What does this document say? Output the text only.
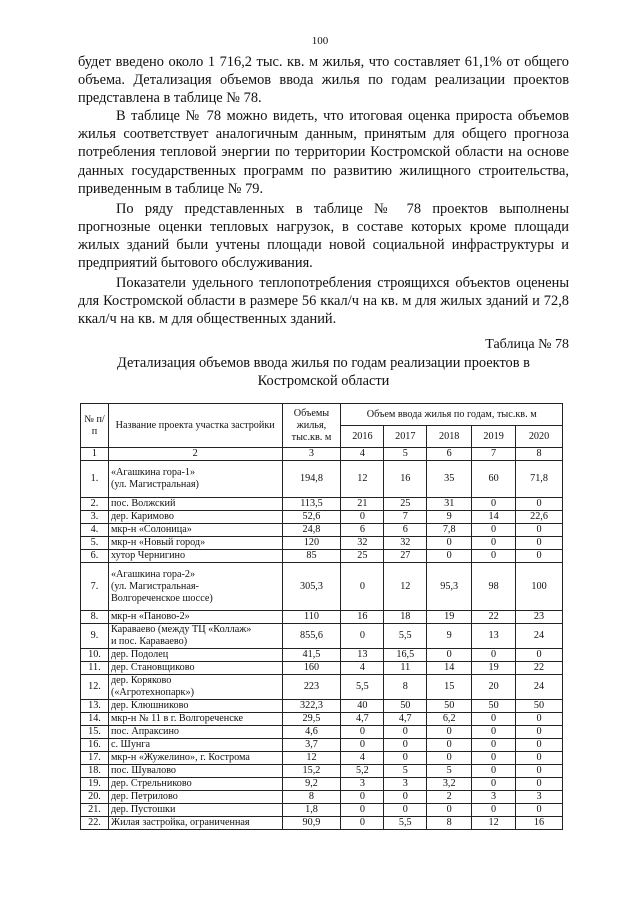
100

будет введено около 1 716,2 тыс. кв. м жилья, что составляет 61,1% от общего объема. Детализация объемов ввода жилья по годам реализации проектов представлена в таблице № 78.

В таблице № 78 можно видеть, что итоговая оценка прироста объемов жилья соответствует аналогичным данным, принятым для общего прогноза потребления тепловой энергии по территории Костромской области на основе данных государственных программ по развитию жилищного строительства, приведенным в таблице № 79.

По ряду представленных в таблице № 78 проектов выполнены прогнозные оценки тепловых нагрузок, в составе которых кроме площади жилых зданий были учтены площади новой социальной инфраструктуры и предприятий бытового обслуживания.

Показатели удельного теплопотребления строящихся объектов оценены для Костромской области в размере 56 ккал/ч на кв. м для жилых зданий и 72,8 ккал/ч на кв. м для общественных зданий.

Таблица № 78
Детализация объемов ввода жилья по годам реализации проектов в
Костромской области
№ п/п	Название проекта участка застройки	Объемы жилья, тыс.кв. м	Объем ввода жилья по годам, тыс.кв. м				
			2016	2017	2018	2019	2020
1	2	3	4	5	6	7	8
1.	«Агашкина гора-1»
(ул. Магистральная)	194,8	12	16	35	60	71,8
2.	пос. Волжский	113,5	21	25	31	0	0
3.	дер. Каримово	52,6	0	7	9	14	22,6
4.	мкр-н «Солоница»	24,8	6	6	7,8	0	0
5.	мкр-н «Новый город»	120	32	32	0	0	0
6.	хутор Чернигино	85	25	27	0	0	0
7.	«Агашкина гора-2»
(ул. Магистральная-
Волгореченское шоссе)	305,3	0	12	95,3	98	100
8.	мкр-н «Паново-2»	110	16	18	19	22	23
9.	Караваево (между ТЦ «Коллаж»
и пос. Караваево)	855,6	0	5,5	9	13	24
10.	дер. Подолец	41,5	13	16,5	0	0	0
11.	дер. Становщиково	160	4	11	14	19	22
12.	дер. Коряково
(«Агротехнопарк»)	223	5,5	8	15	20	24
13.	дер. Клюшниково	322,3	40	50	50	50	50
14.	мкр-н № 11 в г. Волгореченске	29,5	4,7	4,7	6,2	0	0
15.	пос. Апраксино	4,6	0	0	0	0	0
16.	с. Шунга	3,7	0	0	0	0	0
17.	мкр-н «Жужелино», г. Кострома	12	4	0	0	0	0
18.	пос. Шувалово	15,2	5,2	5	5	0	0
19.	дер. Стрельниково	9,2	3	3	3,2	0	0
20.	дер. Петрилово	8	0	0	2	3	3
21.	дер. Пустошки	1,8	0	0	0	0	0
22.	Жилая застройка, ограниченная	90,9	0	5,5	8	12	16
